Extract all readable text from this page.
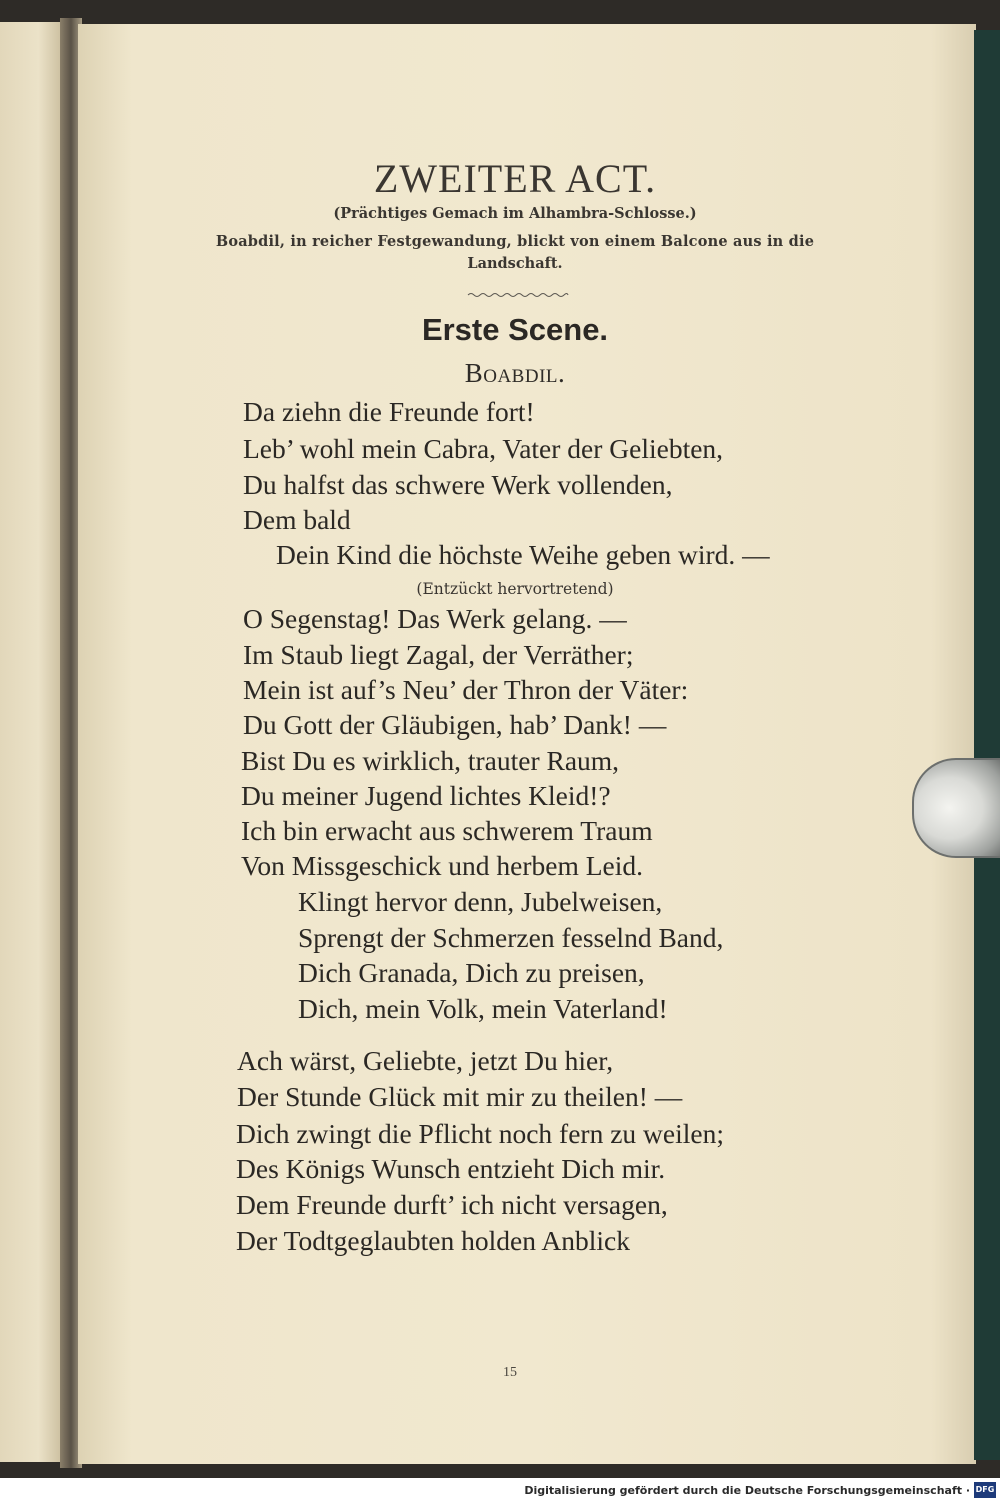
ZWEITER ACT.
(Prächtiges Gemach im Alhambra-Schlosse.)
Boabdil, in reicher Festgewandung, blickt von einem Balcone aus in die
Landschaft.
Erste Scene.
Boabdil.
Da ziehn die Freunde fort!
Leb’ wohl mein Cabra, Vater der Geliebten,
Du halfst das schwere Werk vollenden,
Dem bald
Dein Kind die höchste Weihe geben wird. —
(Entzückt hervortretend)
O Segenstag! Das Werk gelang. —
Im Staub liegt Zagal, der Verräther;
Mein ist auf’s Neu’ der Thron der Väter:
Du Gott der Gläubigen, hab’ Dank! —
Bist Du es wirklich, trauter Raum,
Du meiner Jugend lichtes Kleid!?
Ich bin erwacht aus schwerem Traum
Von Missgeschick und herbem Leid.
Klingt hervor denn, Jubelweisen,
Sprengt der Schmerzen fesselnd Band,
Dich Granada, Dich zu preisen,
Dich, mein Volk, mein Vaterland!
Ach wärst, Geliebte, jetzt Du hier,
Der Stunde Glück mit mir zu theilen! —
Dich zwingt die Pflicht noch fern zu weilen;
Des Königs Wunsch entzieht Dich mir.
Dem Freunde durft’ ich nicht versagen,
Der Todtgeglaubten holden Anblick
15
Digitalisierung gefördert durch die Deutsche Forschungsgemeinschaft · DFG
